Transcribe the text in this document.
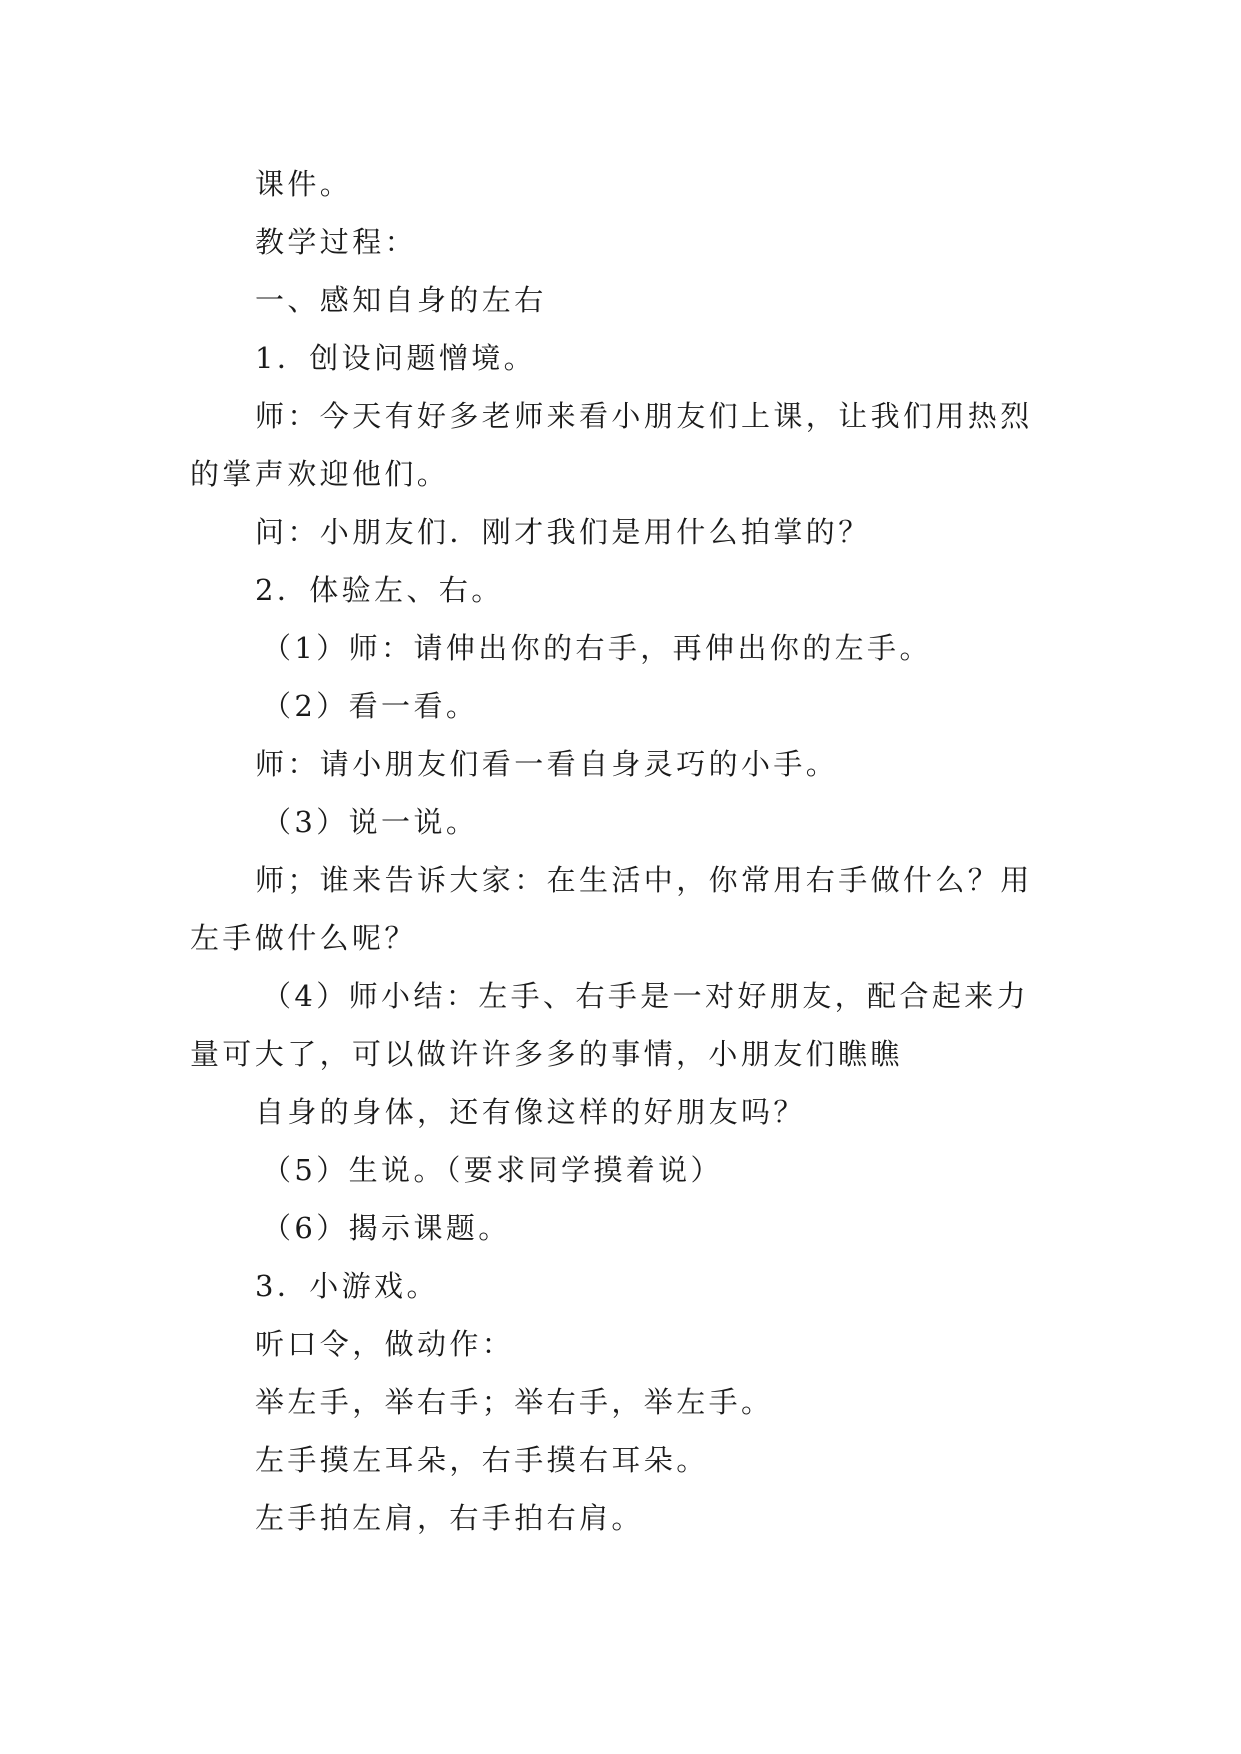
课件。
教学过程：
一、感知自身的左右
1．创设问题憎境。
师：今天有好多老师来看小朋友们上课，让我们用热烈
的掌声欢迎他们。
问：小朋友们．刚才我们是用什么拍掌的？
2．体验左、右。
（1）师：请伸出你的右手，再伸出你的左手。
（2）看一看。
师：请小朋友们看一看自身灵巧的小手。
（3）说一说。
师；谁来告诉大家：在生活中，你常用右手做什么？用
左手做什么呢？
（4）师小结：左手、右手是一对好朋友，配合起来力
量可大了，可以做许许多多的事情，小朋友们瞧瞧
自身的身体，还有像这样的好朋友吗？
（5）生说。（要求同学摸着说）
（6）揭示课题。
3．小游戏。
听口令，做动作：
举左手，举右手；举右手，举左手。
左手摸左耳朵，右手摸右耳朵。
左手拍左肩，右手拍右肩。
